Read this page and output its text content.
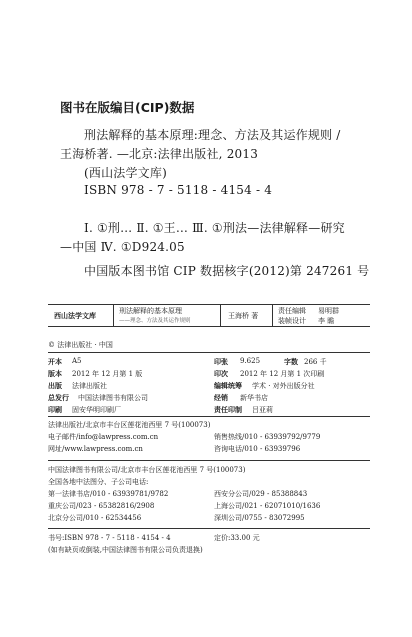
图书在版编目(CIP)数据
刑法解释的基本原理:理念、方法及其运作规则 /
王海桥著. —北京:法律出版社, 2013
(西山法学文库)
ISBN 978 - 7 - 5118 - 4154 - 4
Ⅰ. ①刑… Ⅱ. ①王… Ⅲ. ①刑法—法律解释—研究
—中国 Ⅳ. ①D924.05
中国版本图书馆 CIP 数据核字(2012)第 247261 号
西山法学文库
刑法解释的基本原理
——理念、方法及其运作规则
王海桥 著
责任编辑 易明群
装帧设计 李 瞻
© 法律出版社 · 中国
开本 A5
版本 2012 年 12 月第 1 版
出版 法律出版社
总发行 中国法律图书有限公司
印刷 固安华明印刷厂
印张 9.625	字数 266 千
印次 2012 年 12 月第 1 次印刷
编辑统筹 学术 · 对外出版分社
经销 新华书店
责任印制 吕亚莉
法律出版社/北京市丰台区莲花池西里 7 号(100073)
电子邮件/info@lawpress.com.cn	销售热线/010 - 63939792/9779
网址/www.lawpress.com.cn	咨询电话/010 - 63939796
中国法律图书有限公司/北京市丰台区莲花池西里 7 号(100073)
全国各地中法图分、子公司电话:
第一法律书店/010 - 63939781/9782	西安分公司/029 - 85388843
重庆公司/023 - 65382816/2908	上海公司/021 - 62071010/1636
北京分公司/010 - 62534456	深圳公司/0755 - 83072995
书号:ISBN 978 - 7 - 5118 - 4154 - 4	定价:33.00 元
(如有缺页或倒装,中国法律图书有限公司负责退换)
